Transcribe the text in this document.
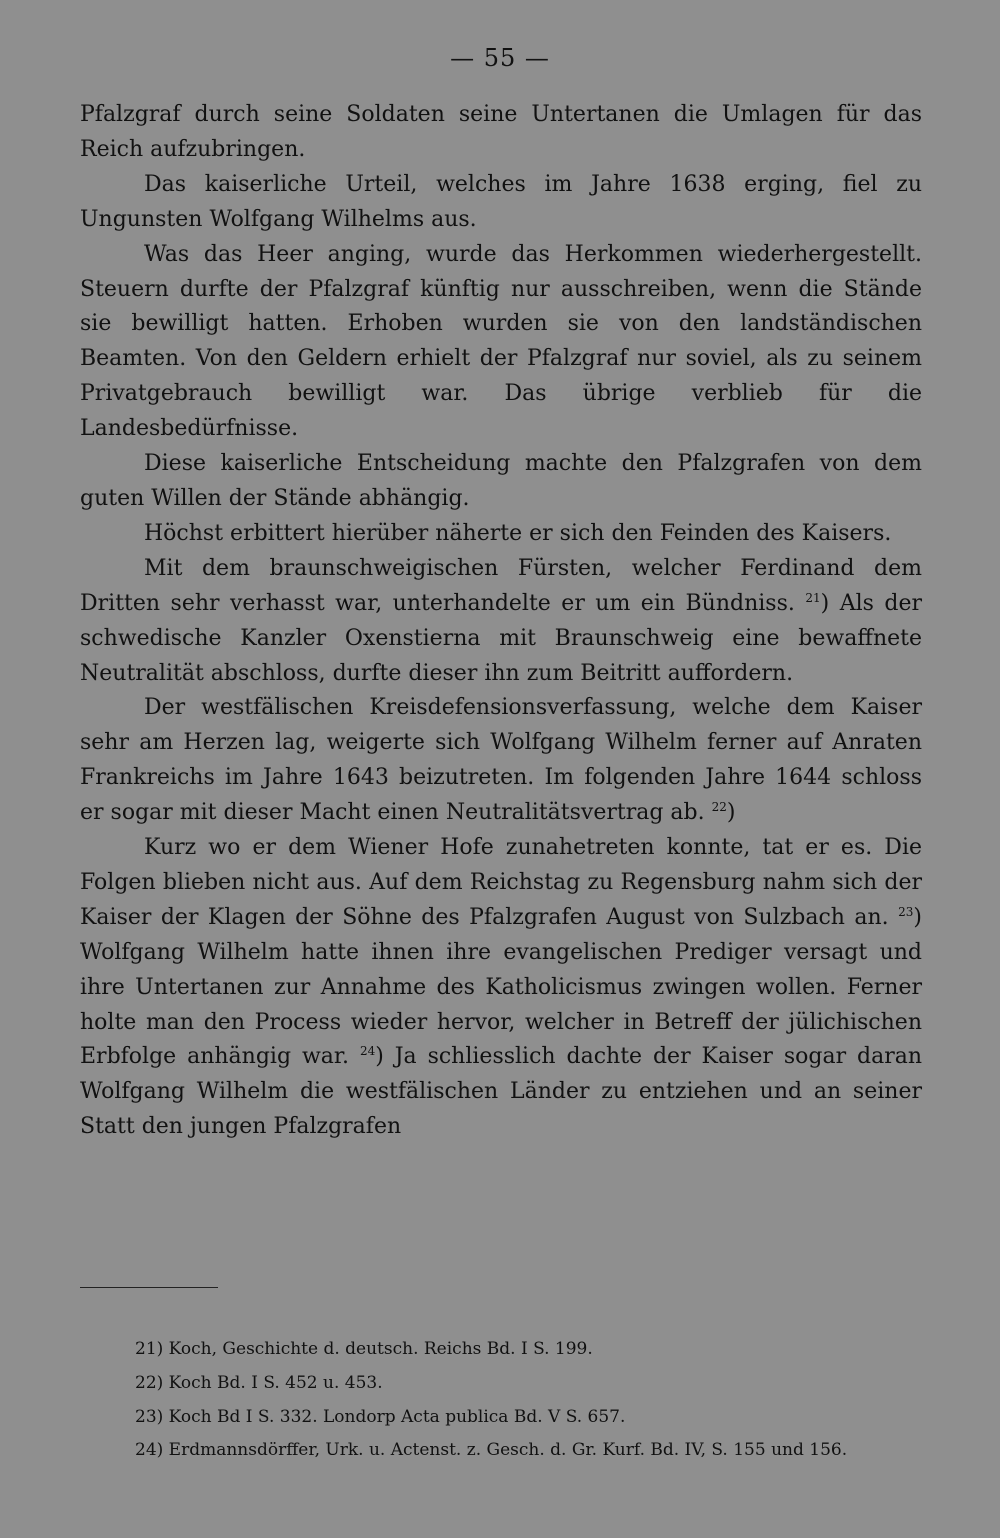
— 55 —

Pfalzgraf durch seine Soldaten seine Untertanen die Umlagen für das Reich aufzubringen.

Das kaiserliche Urteil, welches im Jahre 1638 erging, fiel zu Ungunsten Wolfgang Wilhelms aus.

Was das Heer anging, wurde das Herkommen wiederhergestellt. Steuern durfte der Pfalzgraf künftig nur ausschreiben, wenn die Stände sie bewilligt hatten. Erhoben wurden sie von den landständischen Beamten. Von den Geldern erhielt der Pfalzgraf nur soviel, als zu seinem Privatgebrauch bewilligt war. Das übrige verblieb für die Landesbedürfnisse.

Diese kaiserliche Entscheidung machte den Pfalzgrafen von dem guten Willen der Stände abhängig.

Höchst erbittert hierüber näherte er sich den Feinden des Kaisers.

Mit dem braunschweigischen Fürsten, welcher Ferdinand dem Dritten sehr verhasst war, unterhandelte er um ein Bündniss. $^{21}$) Als der schwedische Kanzler Oxenstierna mit Braunschweig eine bewaffnete Neutralität abschloss, durfte dieser ihn zum Beitritt auffordern.

Der westfälischen Kreisdefensionsverfassung, welche dem Kaiser sehr am Herzen lag, weigerte sich Wolfgang Wilhelm ferner auf Anraten Frankreichs im Jahre 1643 beizutreten. Im folgenden Jahre 1644 schloss er sogar mit dieser Macht einen Neutralitätsvertrag ab. $^{22}$)

Kurz wo er dem Wiener Hofe zunahetreten konnte, tat er es. Die Folgen blieben nicht aus. Auf dem Reichstag zu Regensburg nahm sich der Kaiser der Klagen der Söhne des Pfalzgrafen August von Sulzbach an. $^{23}$) Wolfgang Wilhelm hatte ihnen ihre evangelischen Prediger versagt und ihre Untertanen zur Annahme des Katholicismus zwingen wollen. Ferner holte man den Process wieder hervor, welcher in Betreff der jülichischen Erbfolge anhängig war. $^{24}$) Ja schliesslich dachte der Kaiser sogar daran Wolfgang Wilhelm die westfälischen Länder zu entziehen und an seiner Statt den jungen Pfalzgrafen

21) Koch, Geschichte d. deutsch. Reichs Bd. I S. 199.

22) Koch Bd. I S. 452 u. 453.

23) Koch Bd I S. 332. Londorp Acta publica Bd. V S. 657.

24) Erdmannsdörffer, Urk. u. Actenst. z. Gesch. d. Gr. Kurf. Bd. IV, S. 155 und 156.
